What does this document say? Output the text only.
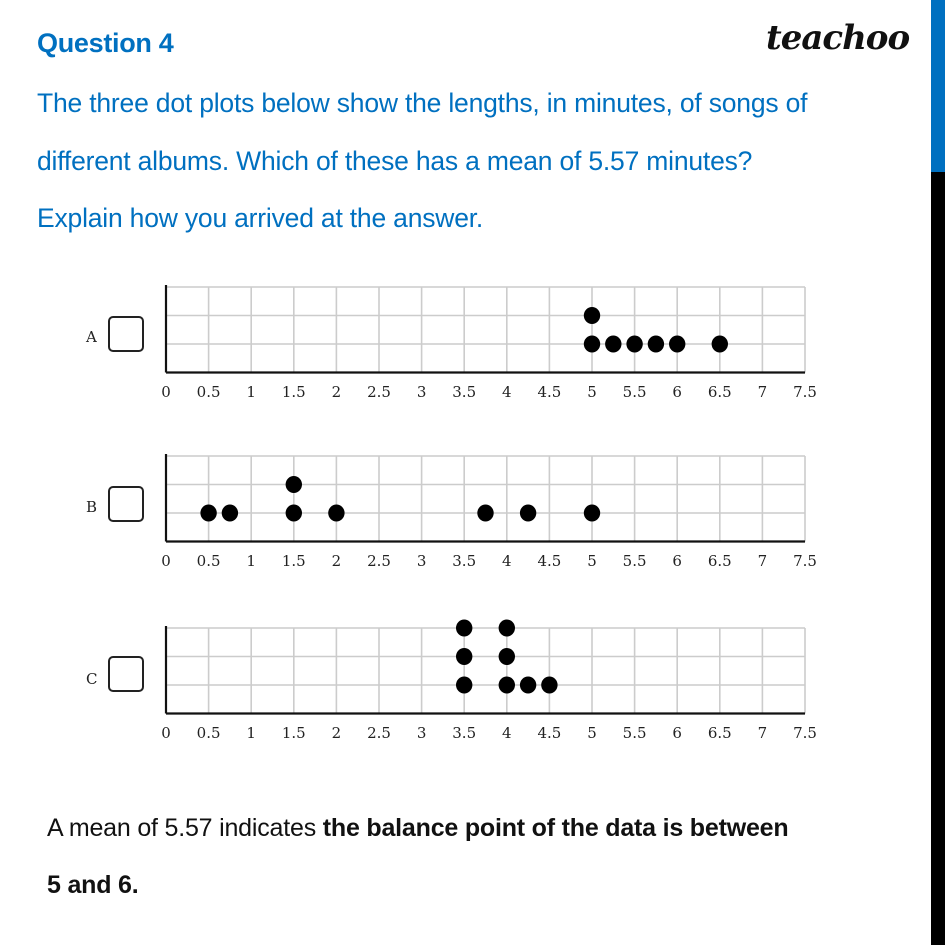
Question 4	teachoo
The three dot plots below show the lengths, in minutes, of songs of
different albums. Which of these has a mean of 5.57 minutes?
Explain how you arrived at the answer.
A
0 0.5 1 1.5 2 2.5 3 3.5 4 4.5 5 5.5 6 6.5 7 7.5
B
0 0.5 1 1.5 2 2.5 3 3.5 4 4.5 5 5.5 6 6.5 7 7.5
C
0 0.5 1 1.5 2 2.5 3 3.5 4 4.5 5 5.5 6 6.5 7 7.5
A mean of 5.57 indicates the balance point of the data is between
5 and 6.
